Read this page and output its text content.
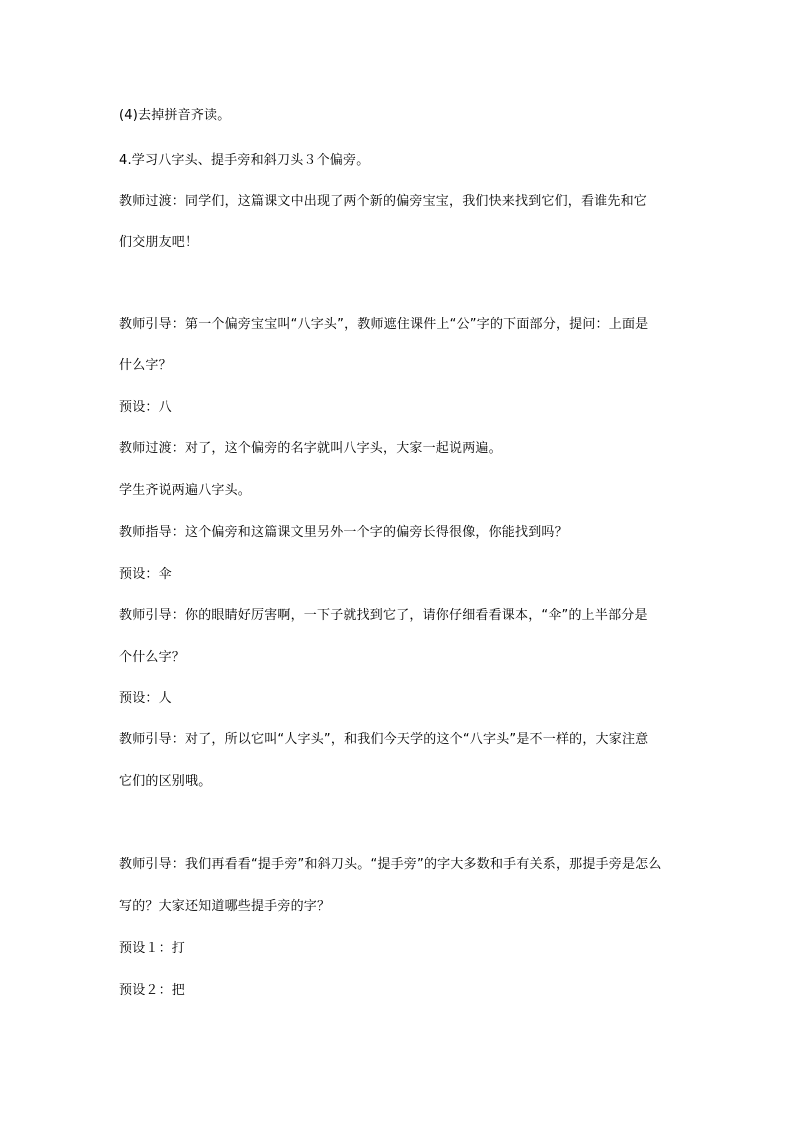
(4)去掉拼音齐读。
4.学习八字头、提手旁和斜刀头３个偏旁。
教师过渡：同学们，这篇课文中出现了两个新的偏旁宝宝，我们快来找到它们，看谁先和它
们交朋友吧！
教师引导：第一个偏旁宝宝叫“八字头”，教师遮住课件上“公”字的下面部分，提问：上面是
什么字？
预设：八
教师过渡：对了，这个偏旁的名字就叫八字头，大家一起说两遍。
学生齐说两遍八字头。
教师指导：这个偏旁和这篇课文里另外一个字的偏旁长得很像，你能找到吗？
预设：伞
教师引导：你的眼睛好厉害啊，一下子就找到它了，请你仔细看看课本，“伞”的上半部分是
个什么字？
预设：人
教师引导：对了，所以它叫“人字头”，和我们今天学的这个“八字头”是不一样的，大家注意
它们的区别哦。
教师引导：我们再看看“提手旁”和斜刀头。“提手旁”的字大多数和手有关系，那提手旁是怎么
写的？大家还知道哪些提手旁的字？
预设１：打
预设２：把
